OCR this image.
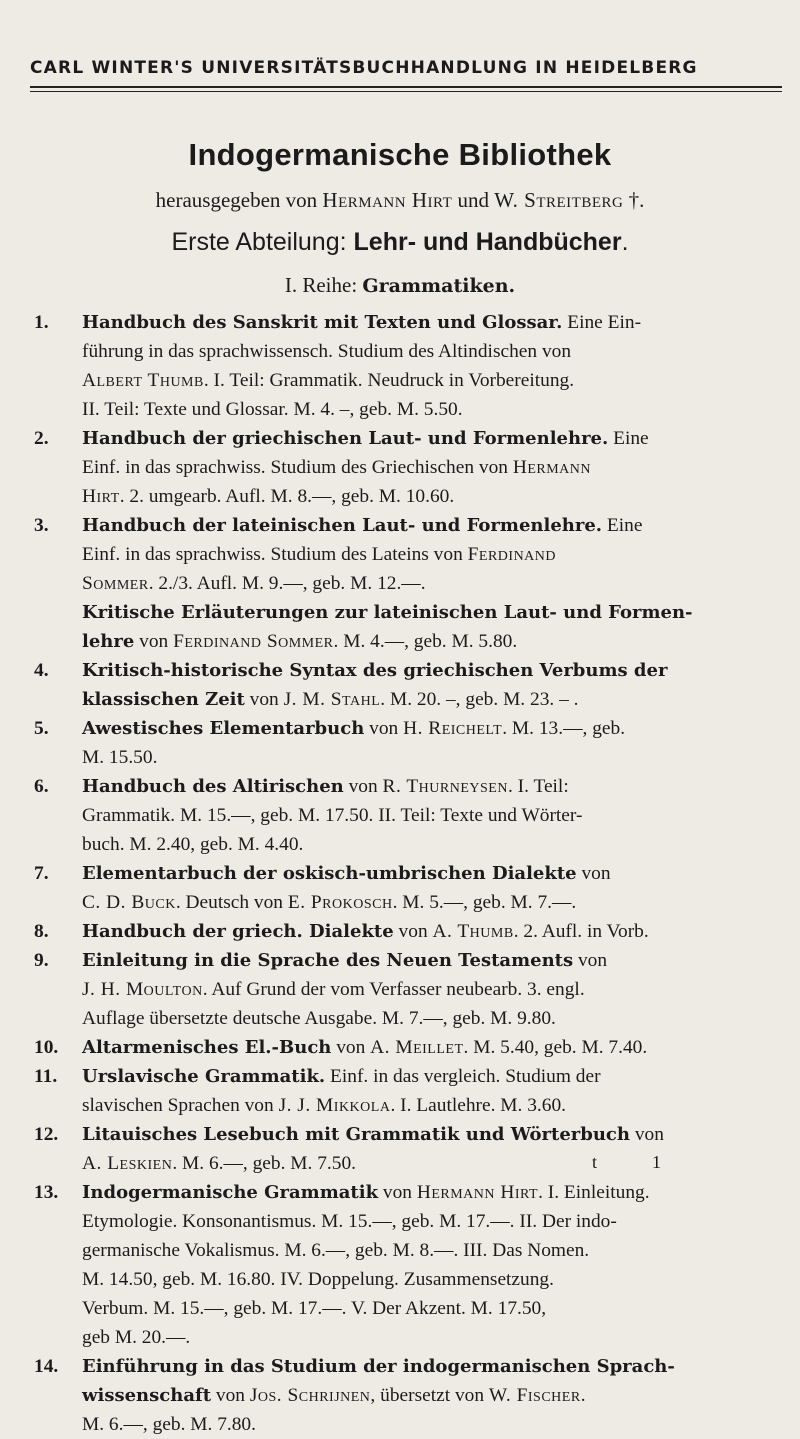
CARL WINTER'S UNIVERSITÄTSBUCHHANDLUNG IN HEIDELBERG
Indogermanische Bibliothek
herausgegeben von Hermann Hirt und W. Streitberg †.
Erste Abteilung: Lehr- und Handbücher.
I. Reihe: Grammatiken.
1. Handbuch des Sanskrit mit Texten und Glossar. Eine Ein-
führung in das sprachwissensch. Studium des Altindischen von
Albert Thumb. I. Teil: Grammatik. Neudruck in Vorbereitung.
II. Teil: Texte und Glossar. M. 4. –, geb. M. 5.50.
2. Handbuch der griechischen Laut- und Formenlehre. Eine
Einf. in das sprachwiss. Studium des Griechischen von Hermann
Hirt. 2. umgearb. Aufl. M. 8.—, geb. M. 10.60.
3. Handbuch der lateinischen Laut- und Formenlehre. Eine
Einf. in das sprachwiss. Studium des Lateins von Ferdinand
Sommer. 2./3. Aufl. M. 9.—, geb. M. 12.—.
Kritische Erläuterungen zur lateinischen Laut- und Formen-
lehre von Ferdinand Sommer. M. 4.—, geb. M. 5.80.
4. Kritisch-historische Syntax des griechischen Verbums der
klassischen Zeit von J. M. Stahl. M. 20. –, geb. M. 23. – .
5. Awestisches Elementarbuch von H. Reichelt. M. 13.—, geb.
M. 15.50.
6. Handbuch des Altirischen von R. Thurneysen. I. Teil:
Grammatik. M. 15.—, geb. M. 17.50. II. Teil: Texte und Wörter-
buch. M. 2.40, geb. M. 4.40.
7. Elementarbuch der oskisch-umbrischen Dialekte von
C. D. Buck. Deutsch von E. Prokosch. M. 5.—, geb. M. 7.—.
8. Handbuch der griech. Dialekte von A. Thumb. 2. Aufl. in Vorb.
9. Einleitung in die Sprache des Neuen Testaments von
J. H. Moulton. Auf Grund der vom Verfasser neubearb. 3. engl.
Auflage übersetzte deutsche Ausgabe. M. 7.—, geb. M. 9.80.
10. Altarmenisches El.-Buch von A. Meillet. M. 5.40, geb. M. 7.40.
11. Urslavische Grammatik. Einf. in das vergleich. Studium der
slavischen Sprachen von J. J. Mikkola. I. Lautlehre. M. 3.60.
12. Litauisches Lesebuch mit Grammatik und Wörterbuch von
A. Leskien. M. 6.—, geb. M. 7.50.
13. Indogermanische Grammatik von Hermann Hirt. I. Einleitung.
Etymologie. Konsonantismus. M. 15.—, geb. M. 17.—. II. Der indo-
germanische Vokalismus. M. 6.—, geb. M. 8.—. III. Das Nomen.
M. 14.50, geb. M. 16.80. IV. Doppelung. Zusammensetzung.
Verbum. M. 15.—, geb. M. 17.—. V. Der Akzent. M. 17.50,
geb M. 20.—.
14. Einführung in das Studium der indogermanischen Sprach-
wissenschaft von Jos. Schrijnen, übersetzt von W. Fischer.
M. 6.—, geb. M. 7.80.
t	1
